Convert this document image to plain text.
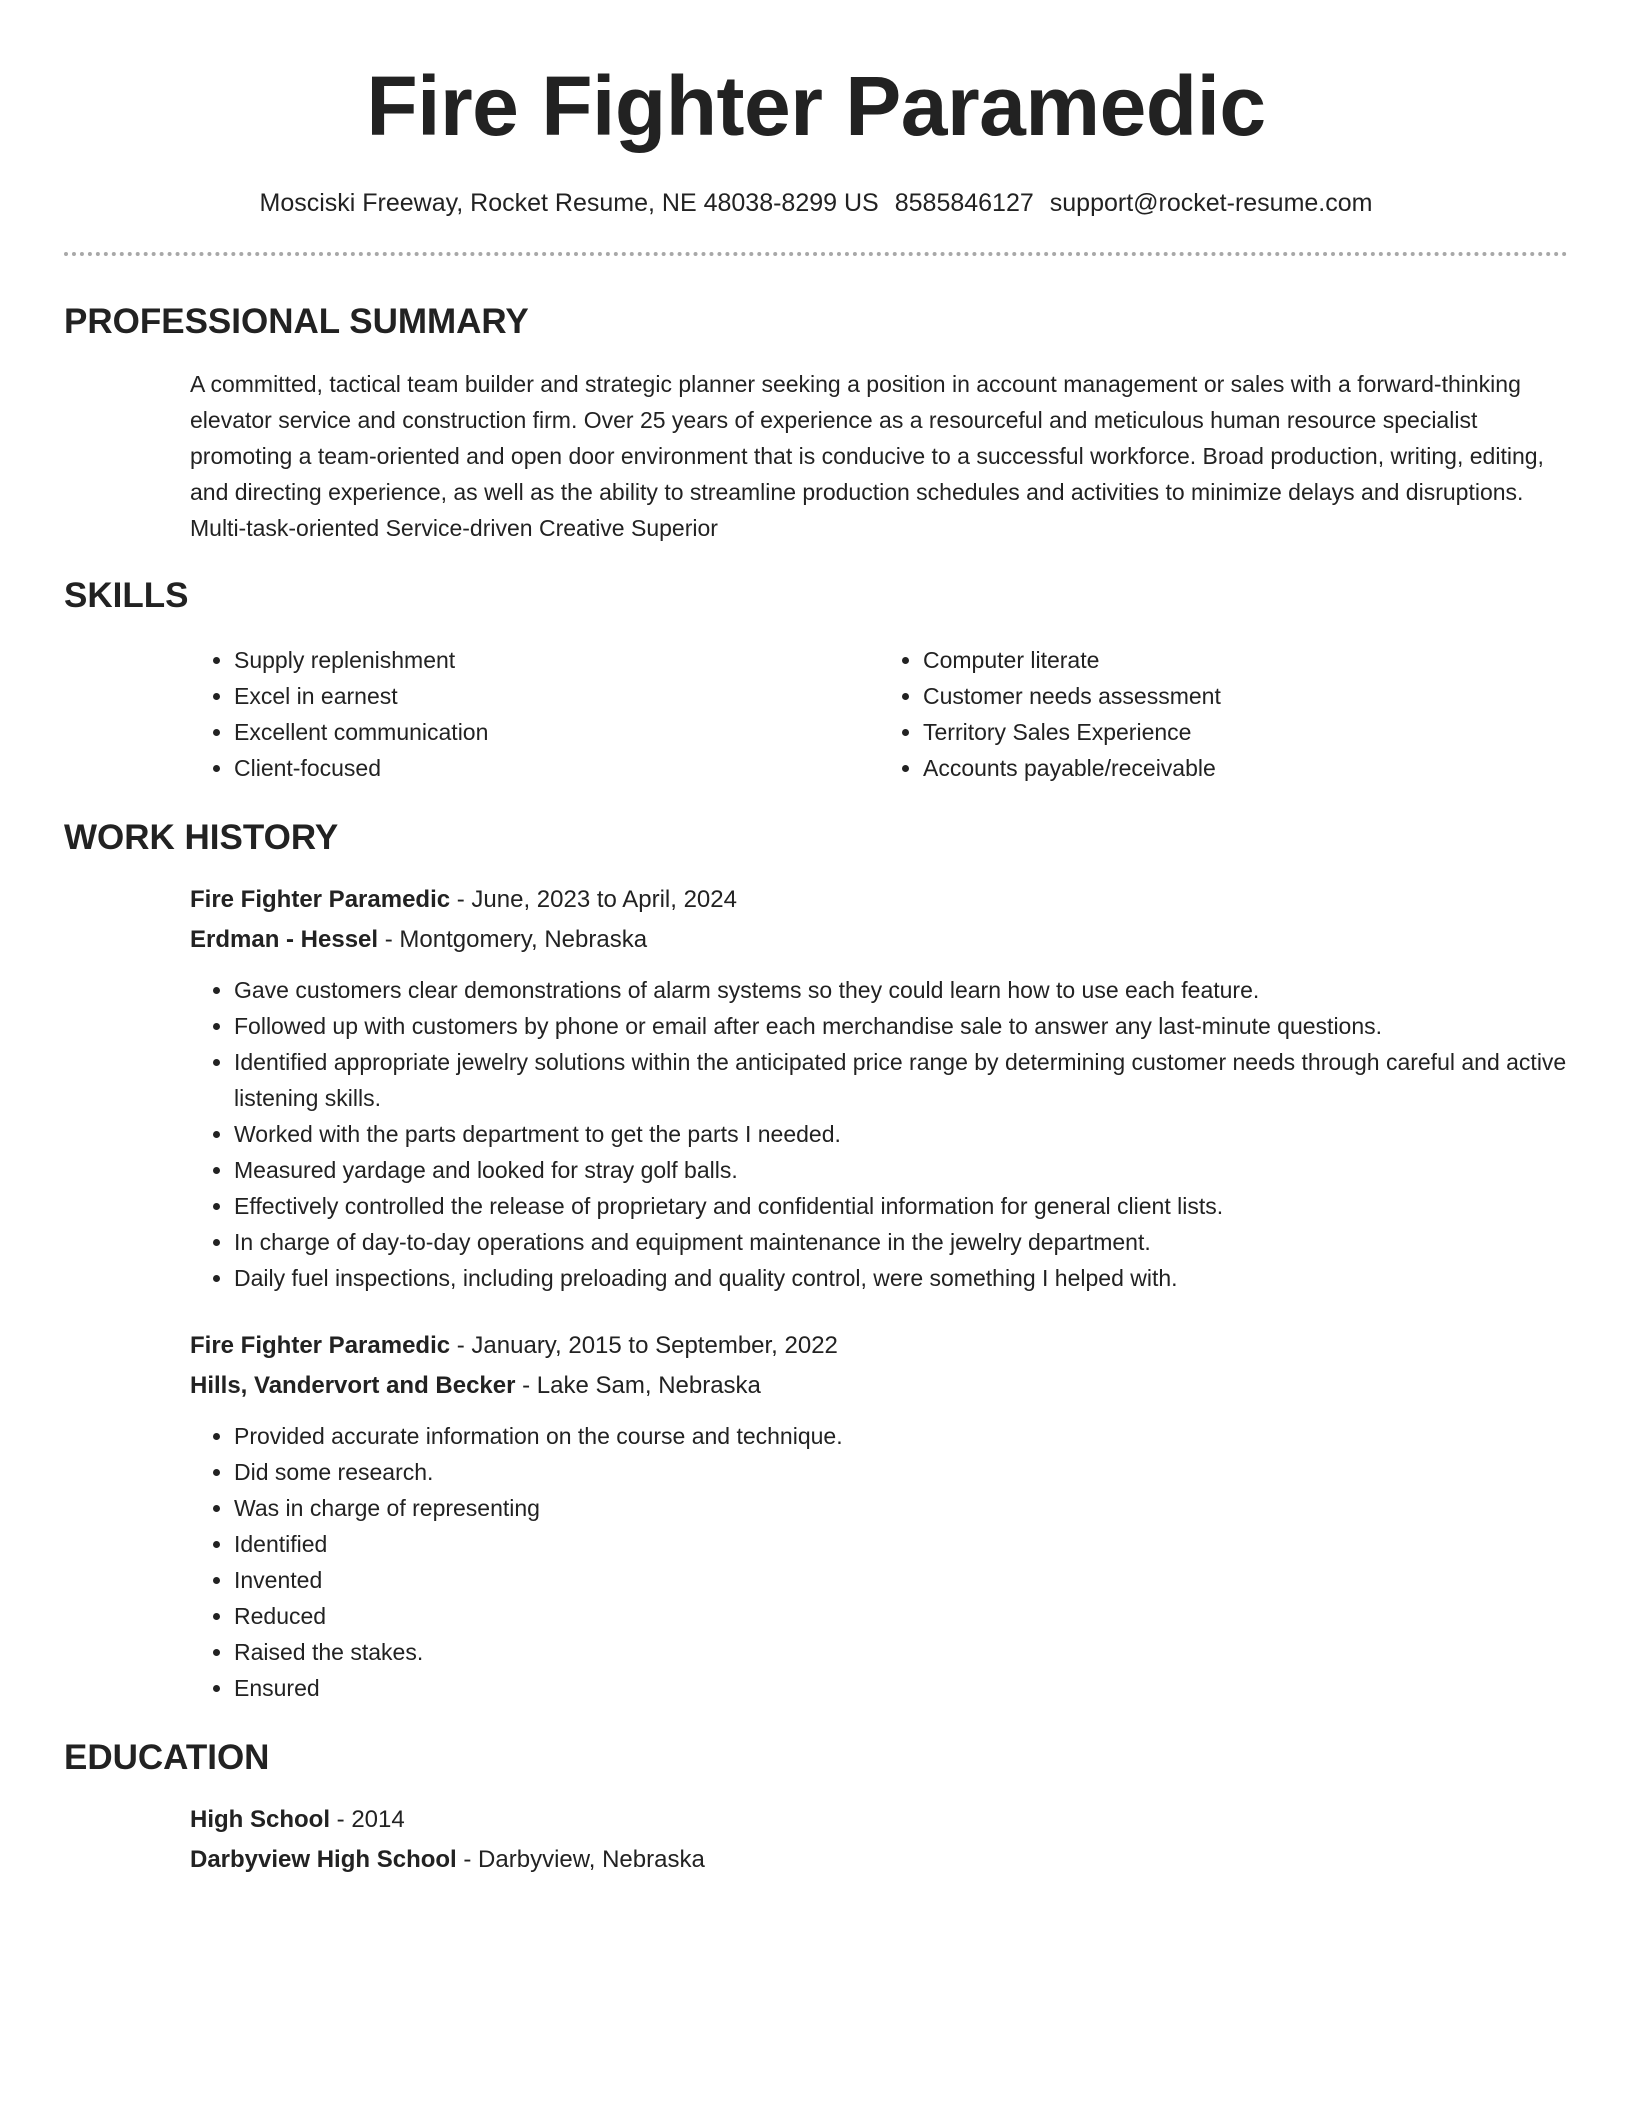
Fire Fighter Paramedic
Mosciski Freeway, Rocket Resume, NE 48038-8299 US 8585846127 support@rocket-resume.com
PROFESSIONAL SUMMARY

A committed, tactical team builder and strategic planner seeking a position in account management or sales with a forward-thinking elevator service and construction firm. Over 25 years of experience as a resourceful and meticulous human resource specialist promoting a team-oriented and open door environment that is conducive to a successful workforce. Broad production, writing, editing, and directing experience, as well as the ability to streamline production schedules and activities to minimize delays and disruptions. Multi-task-oriented Service-driven Creative Superior

SKILLS
• Supply replenishment
• Excel in earnest
• Excellent communication
• Client-focused
• Computer literate
• Customer needs assessment
• Territory Sales Experience
• Accounts payable/receivable
WORK HISTORY
Fire Fighter Paramedic - June, 2023 to April, 2024
Erdman - Hessel - Montgomery, Nebraska
• Gave customers clear demonstrations of alarm systems so they could learn how to use each feature.
• Followed up with customers by phone or email after each merchandise sale to answer any last-minute questions.
• Identified appropriate jewelry solutions within the anticipated price range by determining customer needs through careful and active listening skills.
• Worked with the parts department to get the parts I needed.
• Measured yardage and looked for stray golf balls.
• Effectively controlled the release of proprietary and confidential information for general client lists.
• In charge of day-to-day operations and equipment maintenance in the jewelry department.
• Daily fuel inspections, including preloading and quality control, were something I helped with.
Fire Fighter Paramedic - January, 2015 to September, 2022
Hills, Vandervort and Becker - Lake Sam, Nebraska
• Provided accurate information on the course and technique.
• Did some research.
• Was in charge of representing
• Identified
• Invented
• Reduced
• Raised the stakes.
• Ensured
EDUCATION
High School - 2014
Darbyview High School - Darbyview, Nebraska
